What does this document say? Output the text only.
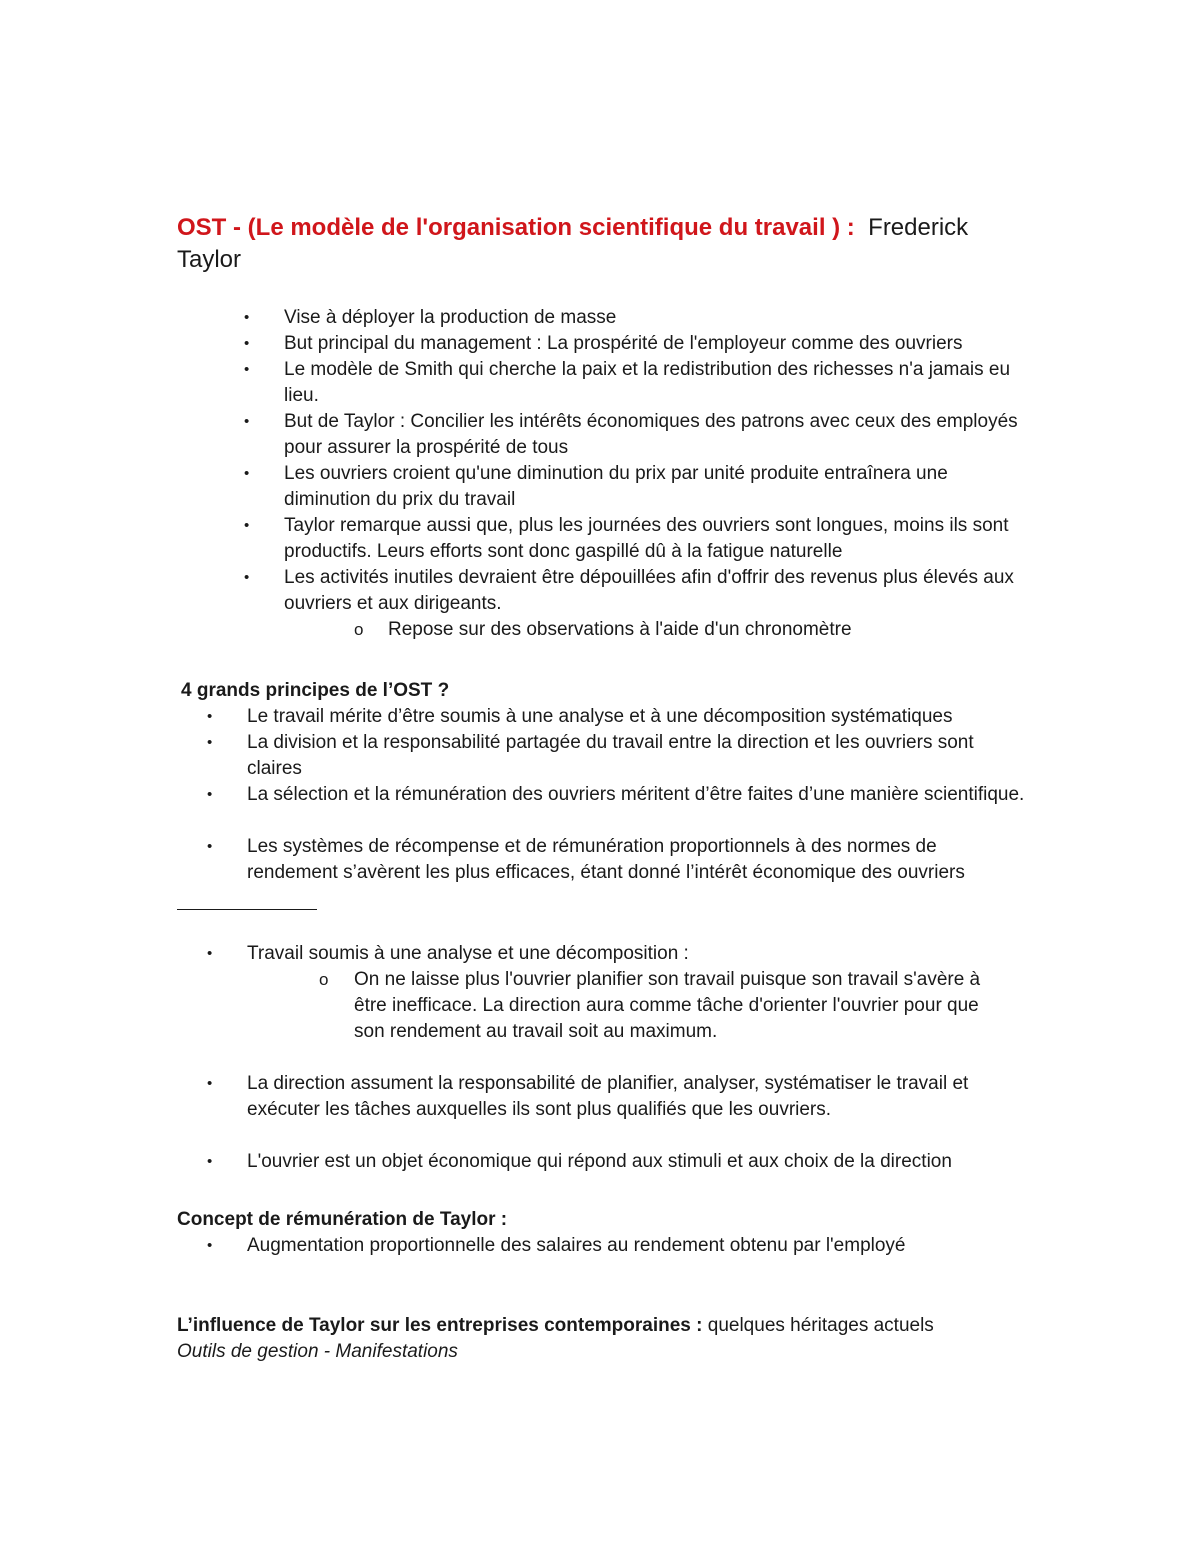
OST - (Le modèle de l'organisation scientifique du travail ) : Frederick Taylor
• Vise à déployer la production de masse
• But principal du management : La prospérité de l'employeur comme des ouvriers
• Le modèle de Smith qui cherche la paix et la redistribution des richesses n'a jamais eu lieu.
• But de Taylor : Concilier les intérêts économiques des patrons avec ceux des employés pour assurer la prospérité de tous
• Les ouvriers croient qu'une diminution du prix par unité produite entraînera une diminution du prix du travail
• Taylor remarque aussi que, plus les journées des ouvriers sont longues, moins ils sont productifs. Leurs efforts sont donc gaspillé dû à la fatigue naturelle
• Les activités inutiles devraient être dépouillées afin d'offrir des revenus plus élevés aux ouvriers et aux dirigeants.
o Repose sur des observations à l'aide d'un chronomètre
4 grands principes de l’OST ?
• Le travail mérite d’être soumis à une analyse et à une décomposition systématiques
• La division et la responsabilité partagée du travail entre la direction et les ouvriers sont claires
• La sélection et la rémunération des ouvriers méritent d’être faites d’une manière scientifique.
• Les systèmes de récompense et de rémunération proportionnels à des normes de rendement s’avèrent les plus efficaces, étant donné l’intérêt économique des ouvriers
• Travail soumis à une analyse et une décomposition :
o On ne laisse plus l'ouvrier planifier son travail puisque son travail s'avère à être inefficace. La direction aura comme tâche d'orienter l'ouvrier pour que son rendement au travail soit au maximum.
• La direction assument la responsabilité de planifier, analyser, systématiser le travail et exécuter les tâches auxquelles ils sont plus qualifiés que les ouvriers.
• L'ouvrier est un objet économique qui répond aux stimuli et aux choix de la direction
Concept de rémunération de Taylor :
• Augmentation proportionnelle des salaires au rendement obtenu par l'employé
L’influence de Taylor sur les entreprises contemporaines : quelques héritages actuels
Outils de gestion - Manifestations
